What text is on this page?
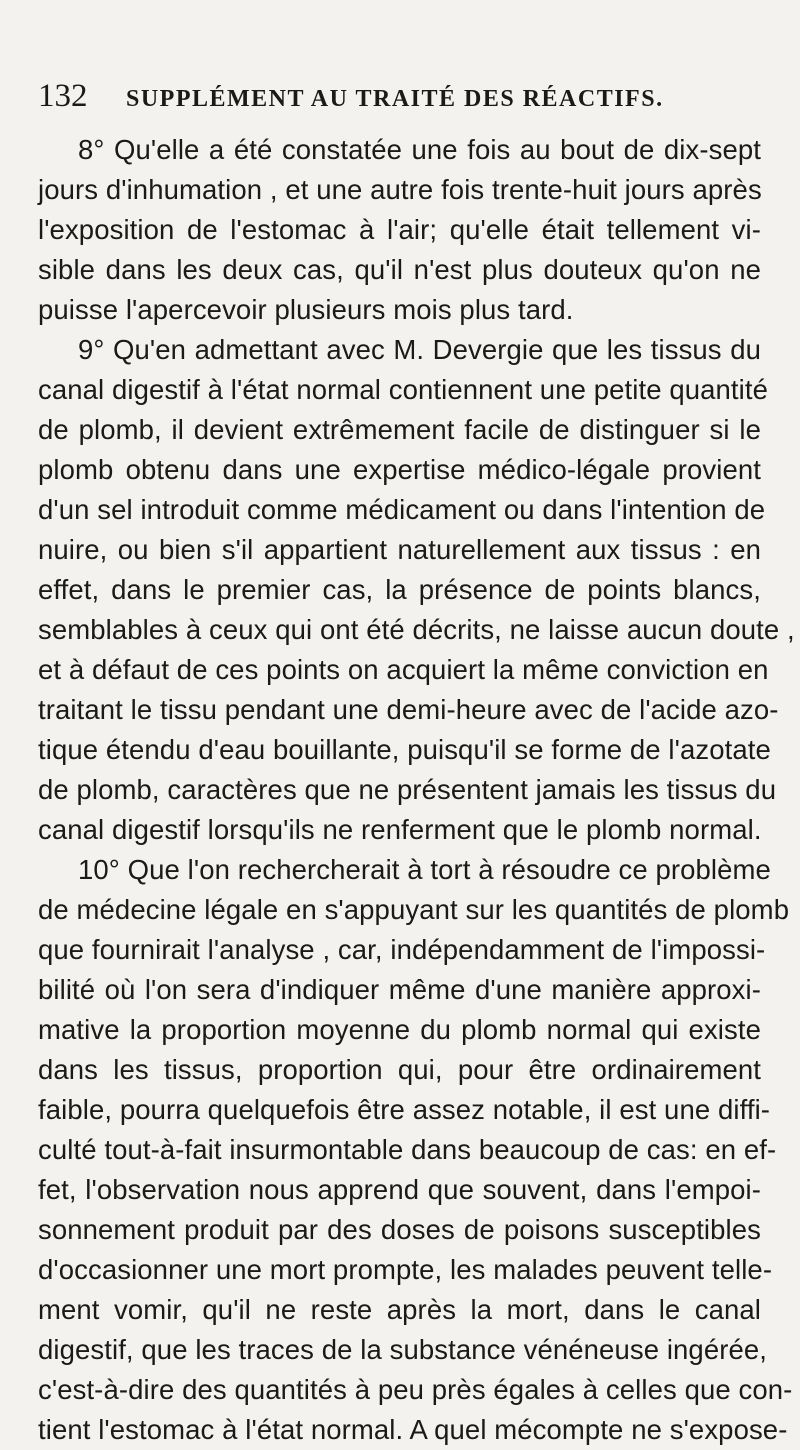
132	SUPPLÉMENT AU TRAITÉ DES RÉACTIFS.
8° Qu'elle a été constatée une fois au bout de dix-sept
jours d'inhumation , et une autre fois trente-huit jours après
l'exposition de l'estomac à l'air; qu'elle était tellement vi-
sible dans les deux cas, qu'il n'est plus douteux qu'on ne
puisse l'apercevoir plusieurs mois plus tard.
9° Qu'en admettant avec M. Devergie que les tissus du
canal digestif à l'état normal contiennent une petite quantité
de plomb, il devient extrêmement facile de distinguer si le
plomb obtenu dans une expertise médico-légale provient
d'un sel introduit comme médicament ou dans l'intention de
nuire, ou bien s'il appartient naturellement aux tissus : en
effet, dans le premier cas, la présence de points blancs,
semblables à ceux qui ont été décrits, ne laisse aucun doute ,
et à défaut de ces points on acquiert la même conviction en
traitant le tissu pendant une demi-heure avec de l'acide azo-
tique étendu d'eau bouillante, puisqu'il se forme de l'azotate
de plomb, caractères que ne présentent jamais les tissus du
canal digestif lorsqu'ils ne renferment que le plomb normal.
10° Que l'on rechercherait à tort à résoudre ce problème
de médecine légale en s'appuyant sur les quantités de plomb
que fournirait l'analyse , car, indépendamment de l'impossi-
bilité où l'on sera d'indiquer même d'une manière approxi-
mative la proportion moyenne du plomb normal qui existe
dans les tissus, proportion qui, pour être ordinairement
faible, pourra quelquefois être assez notable, il est une diffi-
culté tout-à-fait insurmontable dans beaucoup de cas: en ef-
fet, l'observation nous apprend que souvent, dans l'empoi-
sonnement produit par des doses de poisons susceptibles
d'occasionner une mort prompte, les malades peuvent telle-
ment vomir, qu'il ne reste après la mort, dans le canal
digestif, que les traces de la substance vénéneuse ingérée,
c'est-à-dire des quantités à peu près égales à celles que con-
tient l'estomac à l'état normal. A quel mécompte ne s'expose-
